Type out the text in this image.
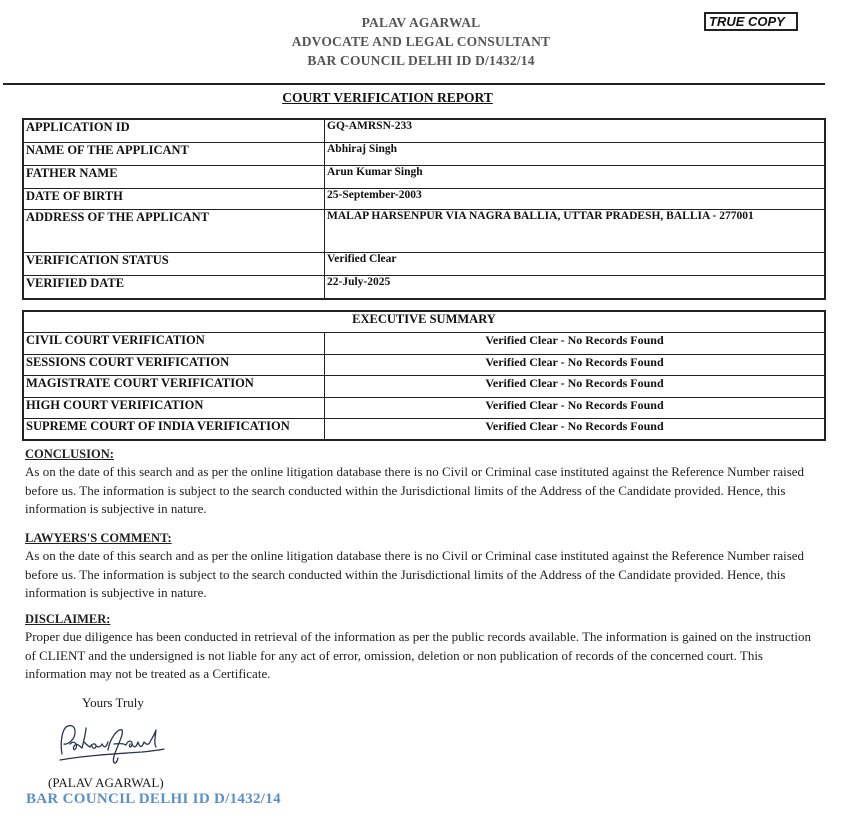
PALAV AGARWAL
ADVOCATE AND LEGAL CONSULTANT
BAR COUNCIL DELHI ID D/1432/14
TRUE COPY
COURT VERIFICATION REPORT
APPLICATION ID	GQ-AMRSN-233
NAME OF THE APPLICANT	Abhiraj Singh
FATHER NAME	Arun Kumar Singh
DATE OF BIRTH	25-September-2003
ADDRESS OF THE APPLICANT	MALAP HARSENPUR VIA NAGRA BALLIA, UTTAR PRADESH, BALLIA - 277001
VERIFICATION STATUS	Verified Clear
VERIFIED DATE	22-July-2025
EXECUTIVE SUMMARY	
CIVIL COURT VERIFICATION	Verified Clear - No Records Found
SESSIONS COURT VERIFICATION	Verified Clear - No Records Found
MAGISTRATE COURT VERIFICATION	Verified Clear - No Records Found
HIGH COURT VERIFICATION	Verified Clear - No Records Found
SUPREME COURT OF INDIA VERIFICATION	Verified Clear - No Records Found
CONCLUSION:

As on the date of this search and as per the online litigation database there is no Civil or Criminal case instituted against the Reference Number raised before us. The information is subject to the search conducted within the Jurisdictional limits of the Address of the Candidate provided. Hence, this information is subjective in nature.

LAWYERS'S COMMENT:

As on the date of this search and as per the online litigation database there is no Civil or Criminal case instituted against the Reference Number raised before us. The information is subject to the search conducted within the Jurisdictional limits of the Address of the Candidate provided. Hence, this information is subjective in nature.

DISCLAIMER:

Proper due diligence has been conducted in retrieval of the information as per the public records available. The information is gained on the instruction of CLIENT and the undersigned is not liable for any act of error, omission, deletion or non publication of records of the concerned court. This information may not be treated as a Certificate.

Yours Truly
(PALAV AGARWAL)
BAR COUNCIL DELHI ID D/1432/14
